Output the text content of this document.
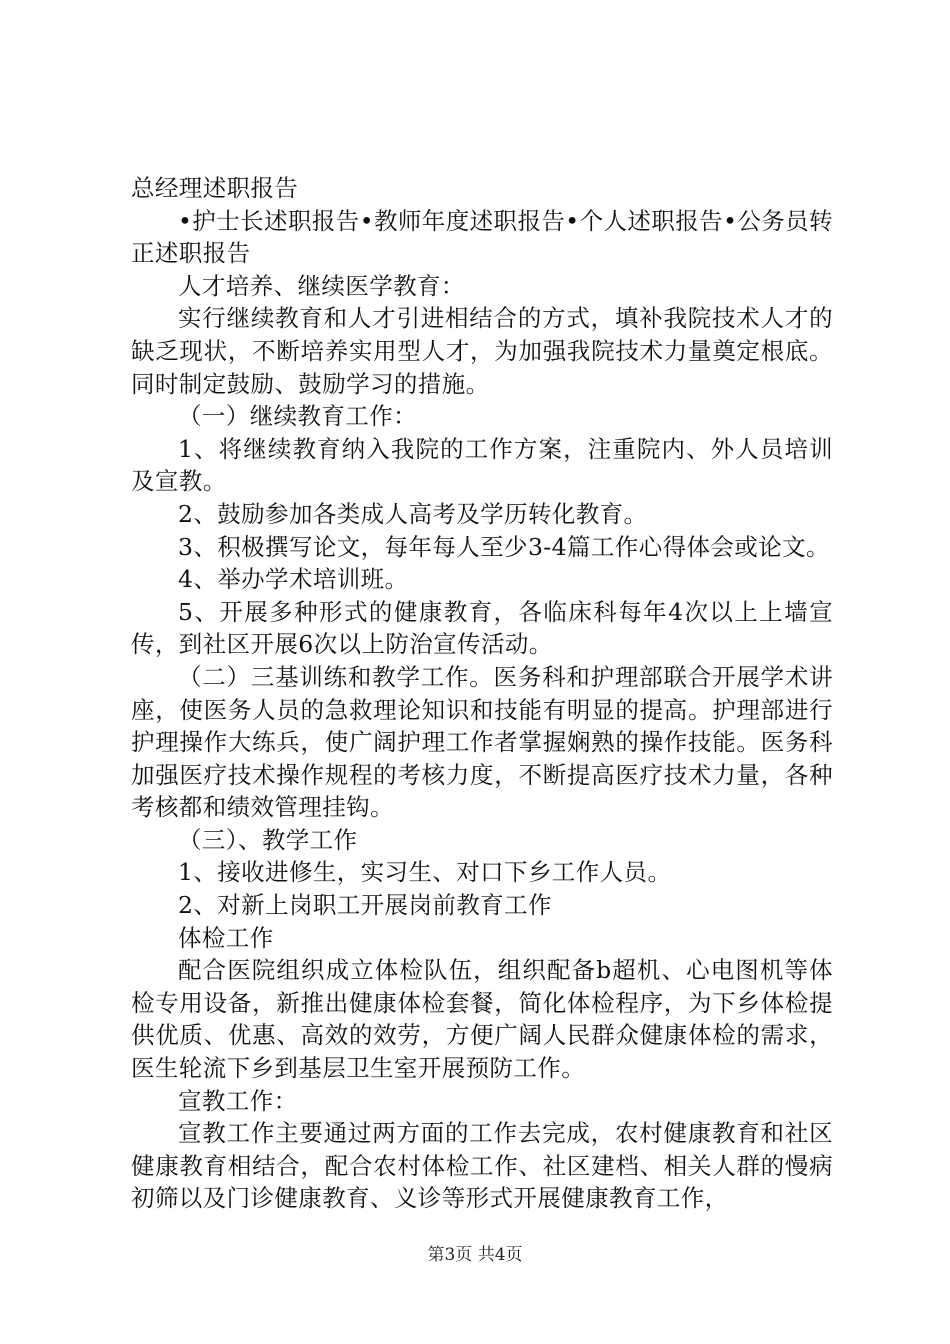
总经理述职报告

•护士长述职报告•教师年度述职报告•个人述职报告•公务员转正述职报告

人才培养、继续医学教育：

实行继续教育和人才引进相结合的方式，填补我院技术人才的缺乏现状，不断培养实用型人才，为加强我院技术力量奠定根底。同时制定鼓励、鼓励学习的措施。

（一）继续教育工作：

1、将继续教育纳入我院的工作方案，注重院内、外人员培训及宣教。

2、鼓励参加各类成人高考及学历转化教育。

3、积极撰写论文，每年每人至少3-4篇工作心得体会或论文。

4、举办学术培训班。

5、开展多种形式的健康教育，各临床科每年4次以上上墙宣传，到社区开展6次以上防治宣传活动。

（二）三基训练和教学工作。医务科和护理部联合开展学术讲座，使医务人员的急救理论知识和技能有明显的提高。护理部进行护理操作大练兵，使广阔护理工作者掌握娴熟的操作技能。医务科加强医疗技术操作规程的考核力度，不断提高医疗技术力量，各种考核都和绩效管理挂钩。

（三）、教学工作

1、接收进修生，实习生、对口下乡工作人员。

2、对新上岗职工开展岗前教育工作

体检工作

配合医院组织成立体检队伍，组织配备b超机、心电图机等体检专用设备，新推出健康体检套餐，简化体检程序，为下乡体检提供优质、优惠、高效的效劳，方便广阔人民群众健康体检的需求，医生轮流下乡到基层卫生室开展预防工作。

宣教工作：

宣教工作主要通过两方面的工作去完成，农村健康教育和社区健康教育相结合，配合农村体检工作、社区建档、相关人群的慢病初筛以及门诊健康教育、义诊等形式开展健康教育工作，

第3页 共4页
